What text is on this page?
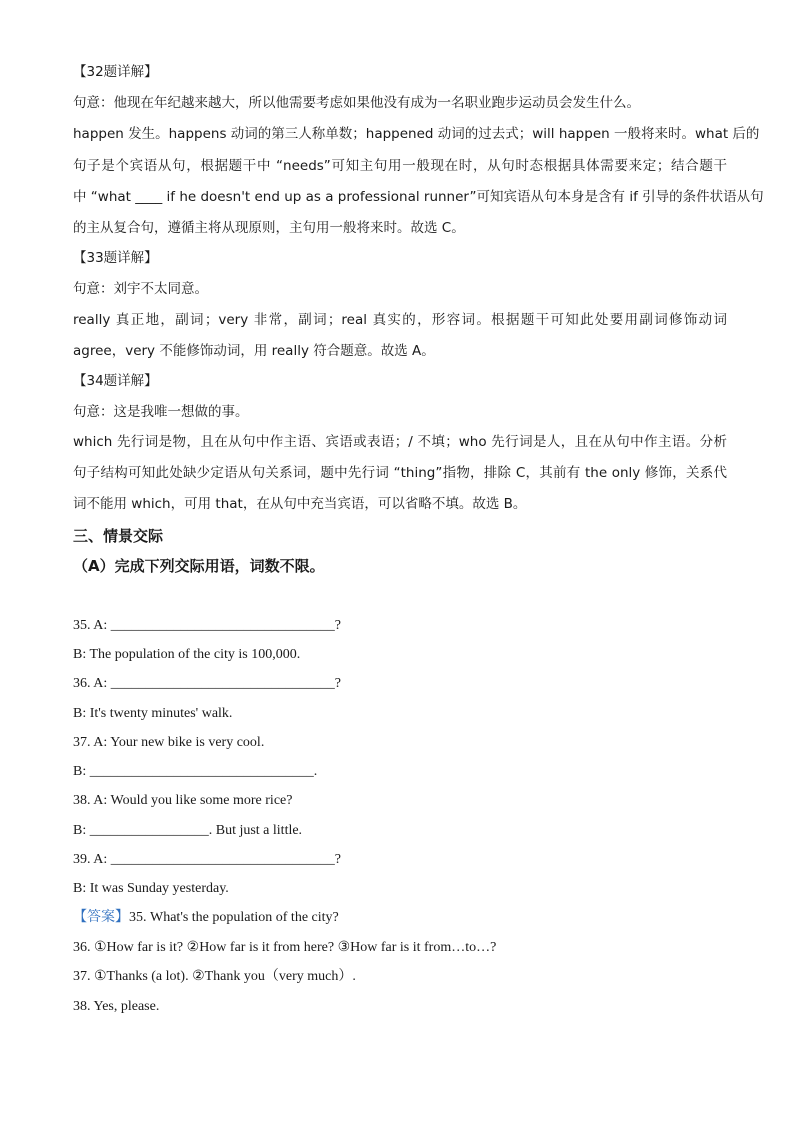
【32题详解】
句意：他现在年纪越来越大，所以他需要考虑如果他没有成为一名职业跑步运动员会发生什么。
happen 发生。happens 动词的第三人称单数；happened 动词的过去式；will happen 一般将来时。what 后的
句子是个宾语从句，根据题干中 “needs”可知主句用一般现在时，从句时态根据具体需要来定；结合题干
中 “what ____ if he doesn't end up as a professional runner”可知宾语从句本身是含有 if 引导的条件状语从句
的主从复合句，遵循主将从现原则，主句用一般将来时。故选 C。
【33题详解】
句意：刘宇不太同意。
really 真正地，副词；very 非常，副词；real 真实的，形容词。根据题干可知此处要用副词修饰动词
agree，very 不能修饰动词，用 really 符合题意。故选 A。
【34题详解】
句意：这是我唯一想做的事。
which 先行词是物，且在从句中作主语、宾语或表语；/ 不填；who 先行词是人，且在从句中作主语。分析
句子结构可知此处缺少定语从句关系词，题中先行词 “thing”指物，排除 C，其前有 the only 修饰，关系代
词不能用 which，可用 that，在从句中充当宾语，可以省略不填。故选 B。
三、情景交际
（A）完成下列交际用语，词数不限。
35. A: ________________________________?
B: The population of the city is 100,000.
36. A: ________________________________?
B: It's twenty minutes' walk.
37. A: Your new bike is very cool.
B: ________________________________.
38. A: Would you like some more rice?
B: _________________. But just a little.
39. A: ________________________________?
B: It was Sunday yesterday.
【答案】35. What's the population of the city?
36. ①How far is it? ②How far is it from here? ③How far is it from…to…?
37. ①Thanks (a lot). ②Thank you（very much）.
38. Yes, please.
